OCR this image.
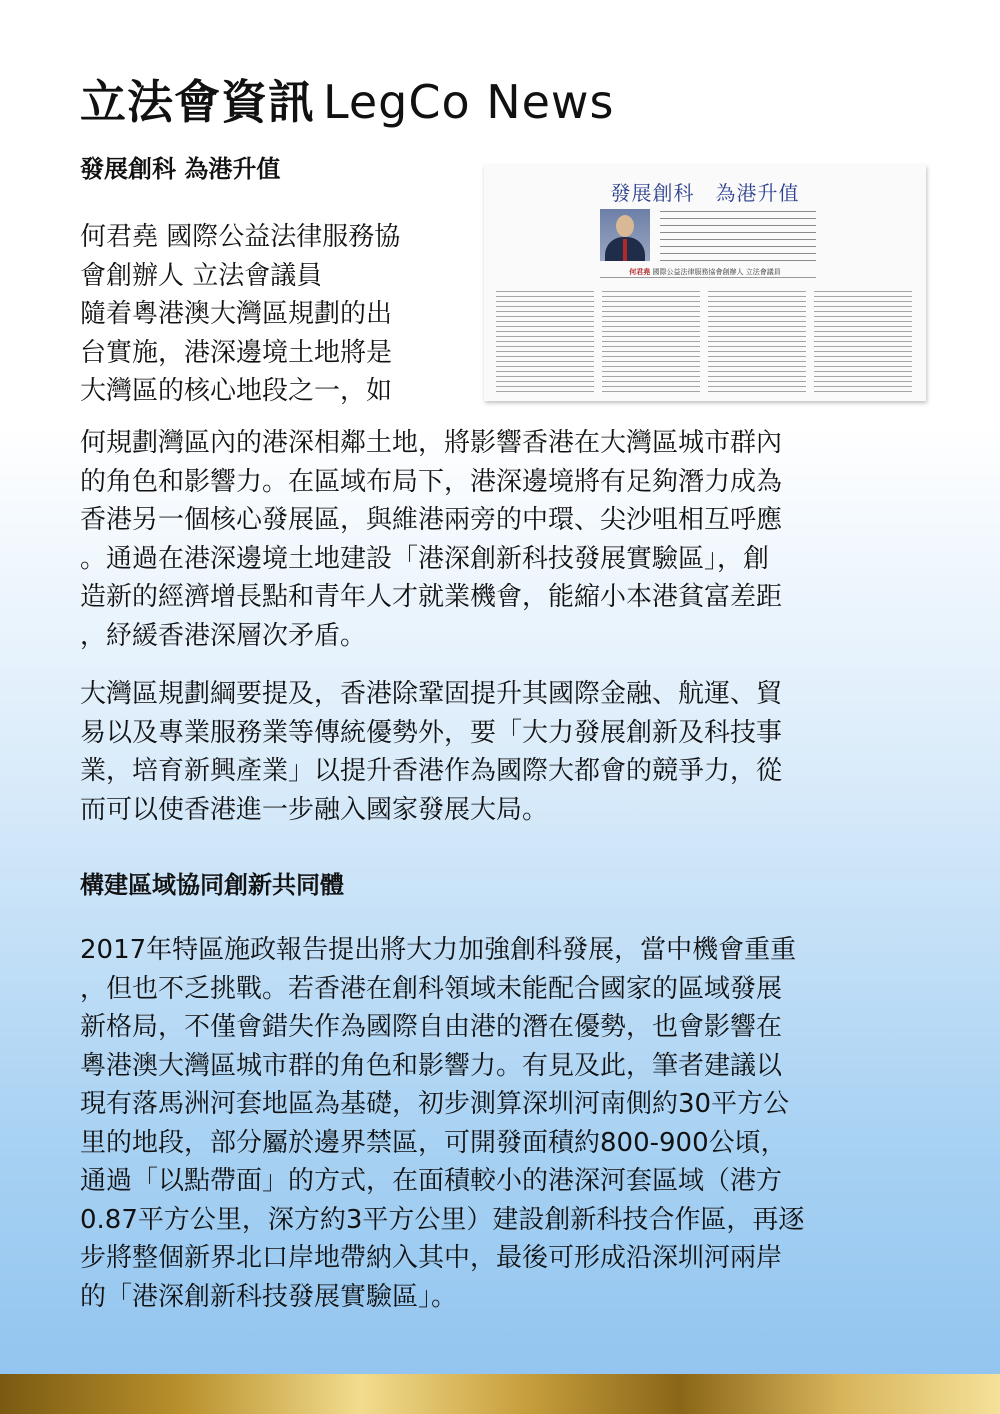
立法會資訊 LegCo News
發展創科 為港升值

何君堯 國際公益法律服務協
會創辦人 立法會議員
隨着粵港澳大灣區規劃的出
台實施，港深邊境土地將是
大灣區的核心地段之一，如

發展創科　為港升值
何君堯 國際公益法律服務協會創辦人 立法會議員

何規劃灣區內的港深相鄰土地，將影響香港在大灣區城市群內
的角色和影響力。在區域布局下，港深邊境將有足夠潛力成為
香港另一個核心發展區，與維港兩旁的中環、尖沙咀相互呼應
。通過在港深邊境土地建設「港深創新科技發展實驗區」，創
造新的經濟增長點和青年人才就業機會，能縮小本港貧富差距
，紓緩香港深層次矛盾。

大灣區規劃綱要提及，香港除鞏固提升其國際金融、航運、貿
易以及專業服務業等傳統優勢外，要「大力發展創新及科技事
業，培育新興產業」以提升香港作為國際大都會的競爭力，從
而可以使香港進一步融入國家發展大局。

構建區域協同創新共同體

2017年特區施政報告提出將大力加強創科發展，當中機會重重
，但也不乏挑戰。若香港在創科領域未能配合國家的區域發展
新格局，不僅會錯失作為國際自由港的潛在優勢，也會影響在
粵港澳大灣區城市群的角色和影響力。有見及此，筆者建議以
現有落馬洲河套地區為基礎，初步測算深圳河南側約30平方公
里的地段，部分屬於邊界禁區，可開發面積約800-900公頃，
通過「以點帶面」的方式，在面積較小的港深河套區域（港方
0.87平方公里，深方約3平方公里）建設創新科技合作區，再逐
步將整個新界北口岸地帶納入其中，最後可形成沿深圳河兩岸
的「港深創新科技發展實驗區」。
